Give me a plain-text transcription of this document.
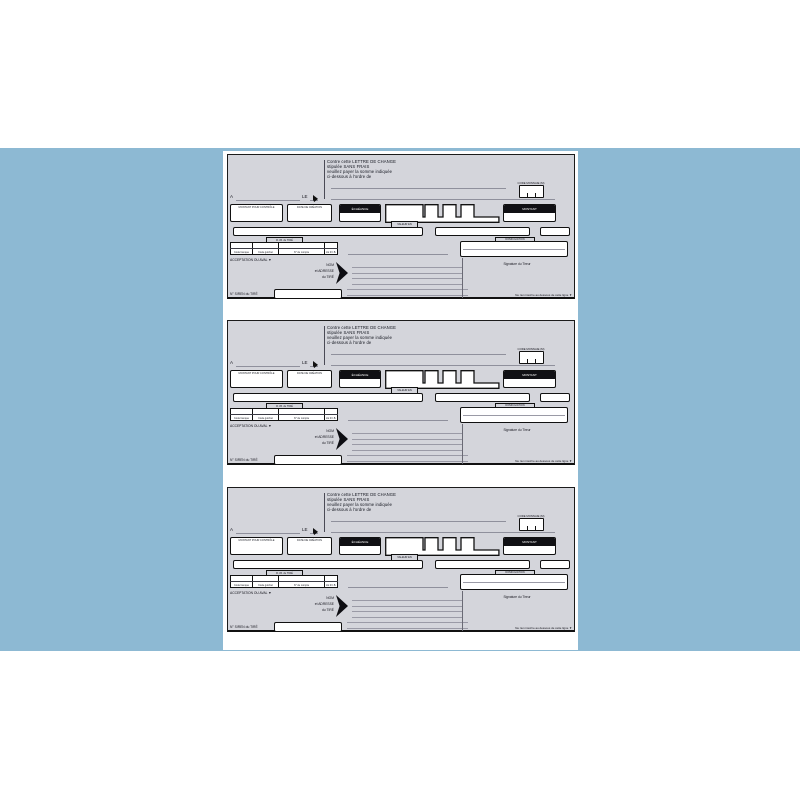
Contre cette LETTRE DE CHANGE
stipulée SANS FRAIS
veuillez payer la somme indiquée
ci-dessous à l'ordre de
CODE MONNAIE (M)
A	LE
MONTANT POUR CONTRÔLE	DATE DE CRÉATION	ÉCHÉANCE
VALEUR EN
MONTANT
R.I.B. du TIRÉ
Code banque	Code guichet	N° de compte	clé R.I.B.
DOMICILIATION
ACCEPTATION OU AVAL ▼
Signature du Tireur
NOM
et ADRESSE
du TIRÉ
N° SIREN du TIRÉ	Ne rien inscrire au dessous de cette ligne ▼
Contre cette LETTRE DE CHANGE
stipulée SANS FRAIS
veuillez payer la somme indiquée
ci-dessous à l'ordre de
CODE MONNAIE (M)
A	LE
MONTANT POUR CONTRÔLE	DATE DE CRÉATION	ÉCHÉANCE
VALEUR EN
MONTANT
R.I.B. du TIRÉ
Code banque	Code guichet	N° de compte	clé R.I.B.
DOMICILIATION
ACCEPTATION OU AVAL ▼
Signature du Tireur
NOM
et ADRESSE
du TIRÉ
N° SIREN du TIRÉ	Ne rien inscrire au dessous de cette ligne ▼
Contre cette LETTRE DE CHANGE
stipulée SANS FRAIS
veuillez payer la somme indiquée
ci-dessous à l'ordre de
CODE MONNAIE (M)
A	LE
MONTANT POUR CONTRÔLE	DATE DE CRÉATION	ÉCHÉANCE
VALEUR EN
MONTANT
R.I.B. du TIRÉ
Code banque	Code guichet	N° de compte	clé R.I.B.
DOMICILIATION
ACCEPTATION OU AVAL ▼
Signature du Tireur
NOM
et ADRESSE
du TIRÉ
N° SIREN du TIRÉ	Ne rien inscrire au dessous de cette ligne ▼
